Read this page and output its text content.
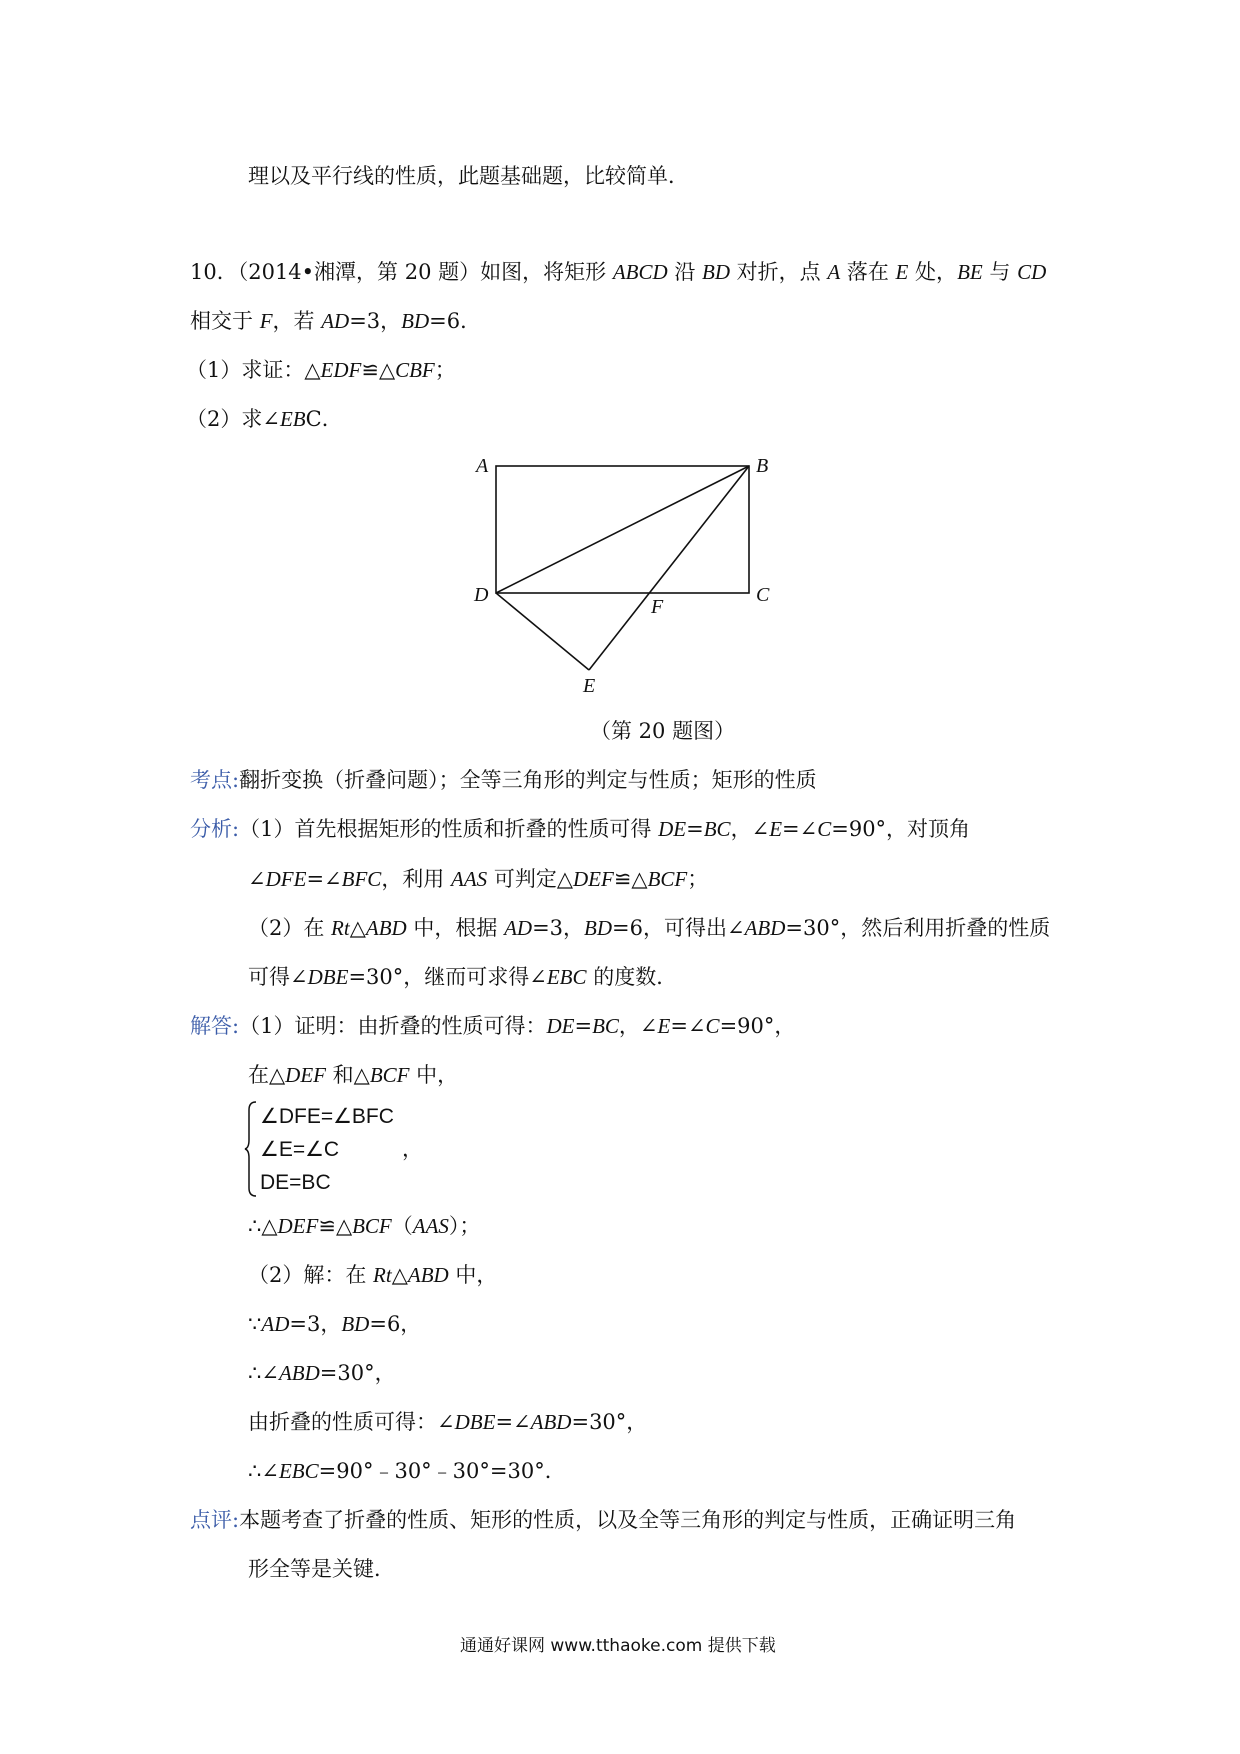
理以及平行线的性质，此题基础题，比较简单．
10．（2014•湘潭，第 20 题）如图，将矩形 ABCD 沿 BD 对折，点 A 落在 E 处，BE 与 CD
相交于 F，若 AD=3，BD=6．
（1）求证：△EDF≌△CBF；
（2）求∠EBC．
A	B
C
D
E
F
（第 20 题图）
考点:翻折变换（折叠问题）；全等三角形的判定与性质；矩形的性质
分析:（1）首先根据矩形的性质和折叠的性质可得 DE=BC，∠E=∠C=90°，对顶角
∠DFE=∠BFC，利用 AAS 可判定△DEF≌△BCF；
（2）在 Rt△ABD 中，根据 AD=3，BD=6，可得出∠ABD=30°，然后利用折叠的性质
可得∠DBE=30°，继而可求得∠EBC 的度数．
解答:（1）证明：由折叠的性质可得：DE=BC，∠E=∠C=90°，
在△DEF 和△BCF 中，
∠DFE=∠BFC
∠E=∠C
DE=BC
，
∴△DEF≌△BCF（AAS）；
（2）解：在 Rt△ABD 中，
∵AD=3，BD=6，
∴∠ABD=30°，
由折叠的性质可得：∠DBE=∠ABD=30°，
∴∠EBC=90°﹣30°﹣30°=30°．
点评:本题考查了折叠的性质、矩形的性质，以及全等三角形的判定与性质，正确证明三角
形全等是关键．
通通好课网 www.tthaoke.com 提供下载
